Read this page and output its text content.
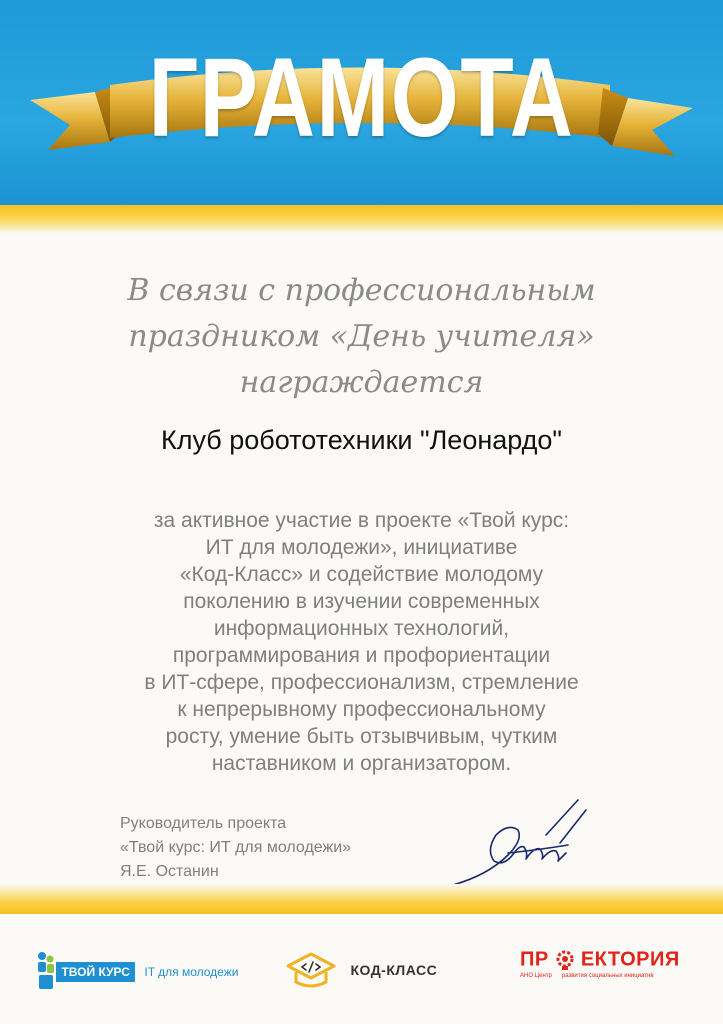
ГРАМОТА
В связи с профессиональным
праздником «День учителя»
награждается
Клуб робототехники "Леонардо"
за активное участие в проекте «Твой курс:
ИТ для молодежи», инициативе
«Код-Класс» и содействие молодому
поколению в изучении современных
информационных технологий,
программирования и профориентации
в ИТ-сфере, профессионализм, стремление
к непрерывному профессиональному
росту, умение быть отзывчивым, чутким
наставником и организатором.
Руководитель проекта
«Твой курс: ИТ для молодежи»
Я.Е. Останин
ТВОЙ КУРС IT для молодежи	КОД-КЛАСС	ПР ЕКТОРИЯ
АНО Центр развития социальных инициатив
